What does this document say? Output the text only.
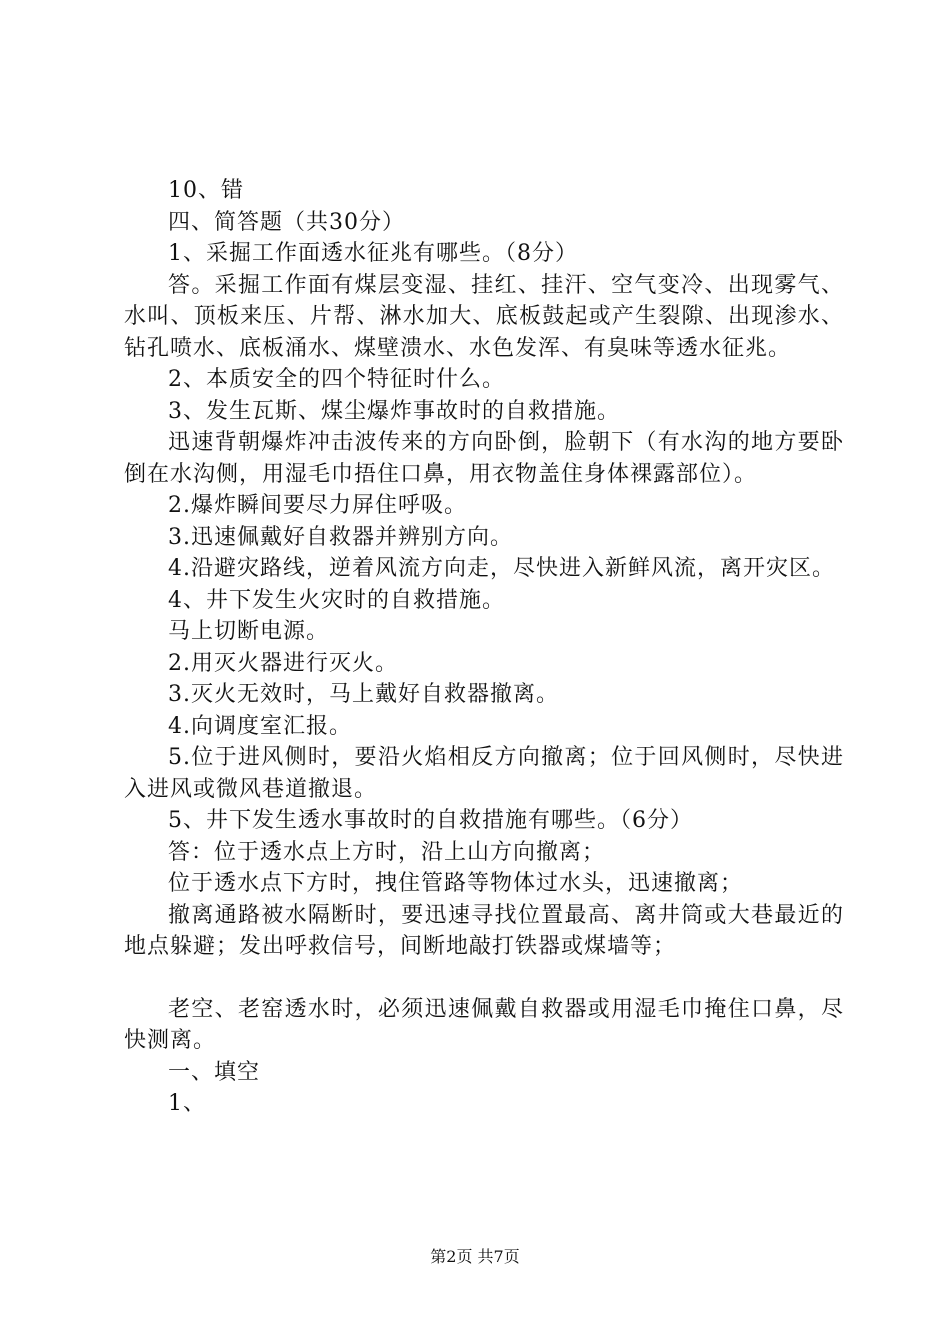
10、错

四、简答题（共30分）

1、采掘工作面透水征兆有哪些。（8分）

答。采掘工作面有煤层变湿、挂红、挂汗、空气变冷、出现雾气、水叫、顶板来压、片帮、淋水加大、底板鼓起或产生裂隙、出现渗水、钻孔喷水、底板涌水、煤壁溃水、水色发浑、有臭味等透水征兆。

2、本质安全的四个特征时什么。

3、发生瓦斯、煤尘爆炸事故时的自救措施。

迅速背朝爆炸冲击波传来的方向卧倒，脸朝下（有水沟的地方要卧倒在水沟侧，用湿毛巾捂住口鼻，用衣物盖住身体裸露部位）。

2.爆炸瞬间要尽力屏住呼吸。

3.迅速佩戴好自救器并辨别方向。

4.沿避灾路线，逆着风流方向走，尽快进入新鲜风流，离开灾区。

4、井下发生火灾时的自救措施。

马上切断电源。

2.用灭火器进行灭火。

3.灭火无效时，马上戴好自救器撤离。

4.向调度室汇报。

5.位于进风侧时，要沿火焰相反方向撤离；位于回风侧时，尽快进入进风或微风巷道撤退。

5、井下发生透水事故时的自救措施有哪些。（6分）

答：位于透水点上方时，沿上山方向撤离；

位于透水点下方时，拽住管路等物体过水头，迅速撤离；

撤离通路被水隔断时，要迅速寻找位置最高、离井筒或大巷最近的地点躲避；发出呼救信号，间断地敲打铁器或煤墙等；

老空、老窑透水时，必须迅速佩戴自救器或用湿毛巾掩住口鼻，尽快测离。

一、填空

1、

第2页 共7页
